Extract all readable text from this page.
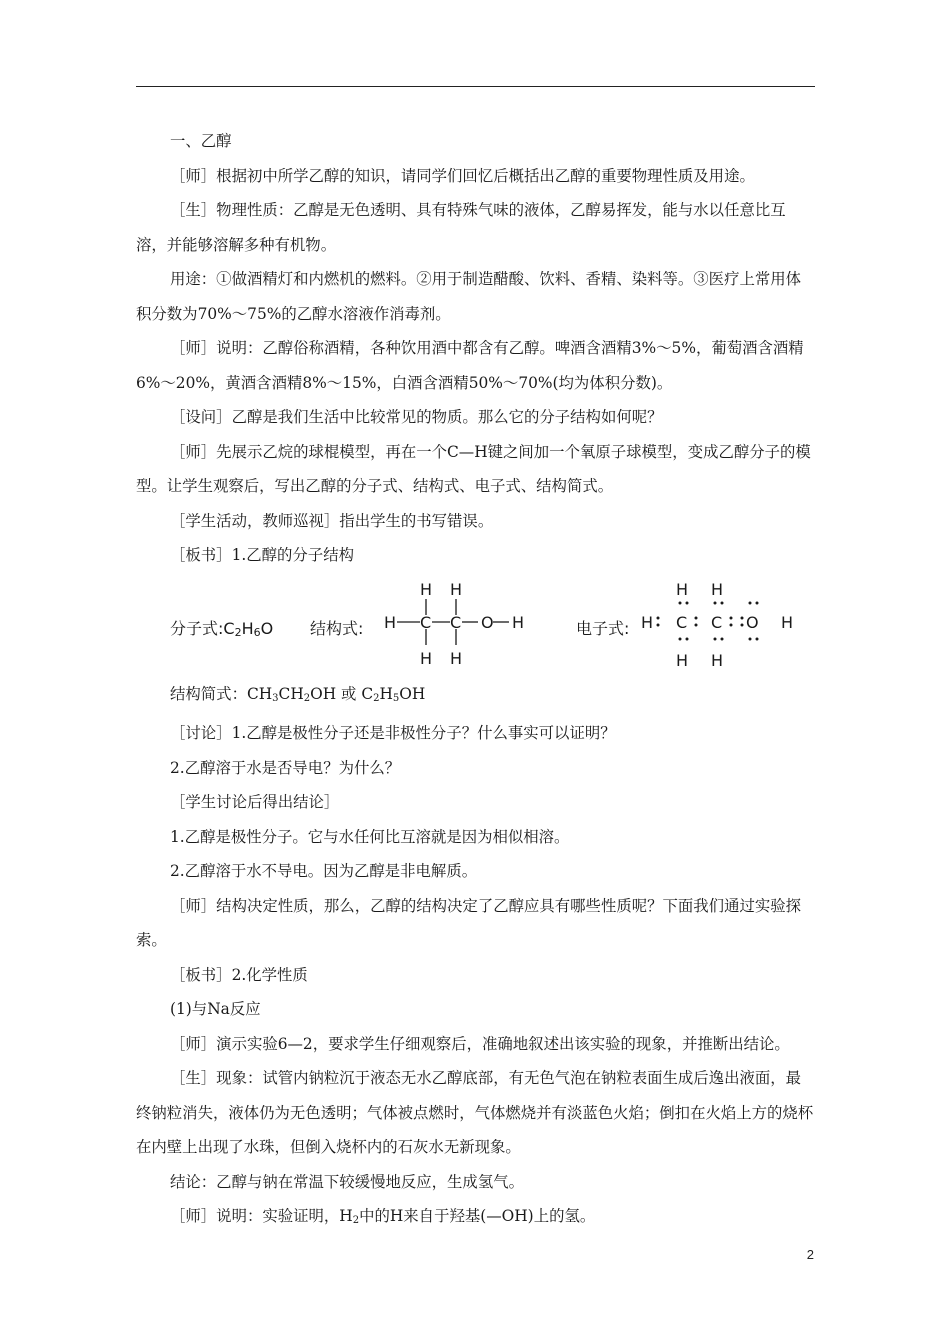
一、乙醇

［师］根据初中所学乙醇的知识，请同学们回忆后概括出乙醇的重要物理性质及用途。

［生］物理性质：乙醇是无色透明、具有特殊气味的液体，乙醇易挥发，能与水以任意比互溶，并能够溶解多种有机物。

用途：①做酒精灯和内燃机的燃料。②用于制造醋酸、饮料、香精、染料等。③医疗上常用体积分数为70%～75%的乙醇水溶液作消毒剂。

［师］说明：乙醇俗称酒精，各种饮用酒中都含有乙醇。啤酒含酒精3%～5%，葡萄酒含酒精6%～20%，黄酒含酒精8%～15%，白酒含酒精50%～70%(均为体积分数)。

［设问］乙醇是我们生活中比较常见的物质。那么它的分子结构如何呢？

［师］先展示乙烷的球棍模型，再在一个C—H键之间加一个氧原子球模型，变成乙醇分子的模型。让学生观察后，写出乙醇的分子式、结构式、电子式、结构简式。

［学生活动，教师巡视］指出学生的书写错误。

［板书］1.乙醇的分子结构

分子式:C2H6O 结构式: H C C O H
H H
H H
电子式: H C C O H
H H
H H

结构简式：$CH_3CH_2OH$ 或 $C_2H_5OH$

［讨论］1.乙醇是极性分子还是非极性分子？什么事实可以证明？

2.乙醇溶于水是否导电？为什么？

［学生讨论后得出结论］

1.乙醇是极性分子。它与水任何比互溶就是因为相似相溶。

2.乙醇溶于水不导电。因为乙醇是非电解质。

［师］结构决定性质，那么，乙醇的结构决定了乙醇应具有哪些性质呢？下面我们通过实验探索。

［板书］2.化学性质

(1)与Na反应

［师］演示实验6—2，要求学生仔细观察后，准确地叙述出该实验的现象，并推断出结论。

［生］现象：试管内钠粒沉于液态无水乙醇底部，有无色气泡在钠粒表面生成后逸出液面，最终钠粒消失，液体仍为无色透明；气体被点燃时，气体燃烧并有淡蓝色火焰；倒扣在火焰上方的烧杯在内壁上出现了水珠，但倒入烧杯内的石灰水无新现象。

结论：乙醇与钠在常温下较缓慢地反应，生成氢气。

［师］说明：实验证明，$H_2$中的H来自于羟基(—OH)上的氢。

2
